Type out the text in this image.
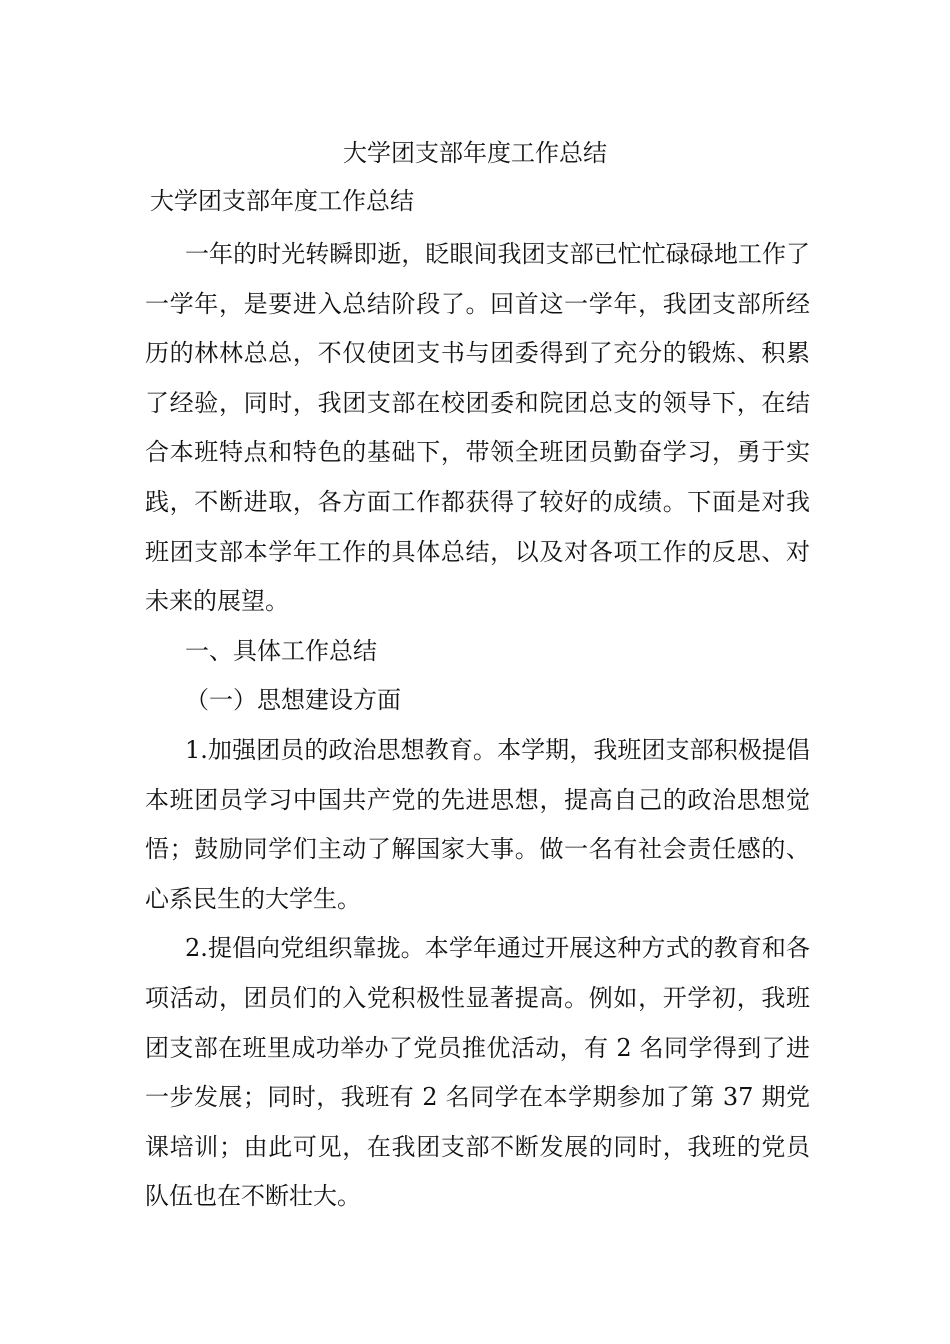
大学团支部年度工作总结
大学团支部年度工作总结

一年的时光转瞬即逝，眨眼间我团支部已忙忙碌碌地工作了一学年，是要进入总结阶段了。回首这一学年，我团支部所经历的林林总总，不仅使团支书与团委得到了充分的锻炼、积累了经验，同时，我团支部在校团委和院团总支的领导下，在结合本班特点和特色的基础下，带领全班团员勤奋学习，勇于实践，不断进取，各方面工作都获得了较好的成绩。下面是对我班团支部本学年工作的具体总结，以及对各项工作的反思、对未来的展望。

一、具体工作总结

（一）思想建设方面

1.加强团员的政治思想教育。本学期，我班团支部积极提倡本班团员学习中国共产党的先进思想，提高自己的政治思想觉悟；鼓励同学们主动了解国家大事。做一名有社会责任感的、心系民生的大学生。

2.提倡向党组织靠拢。本学年通过开展这种方式的教育和各项活动，团员们的入党积极性显著提高。例如，开学初，我班团支部在班里成功举办了党员推优活动，有 2 名同学得到了进一步发展；同时，我班有 2 名同学在本学期参加了第 37 期党课培训；由此可见，在我团支部不断发展的同时，我班的党员队伍也在不断壮大。
